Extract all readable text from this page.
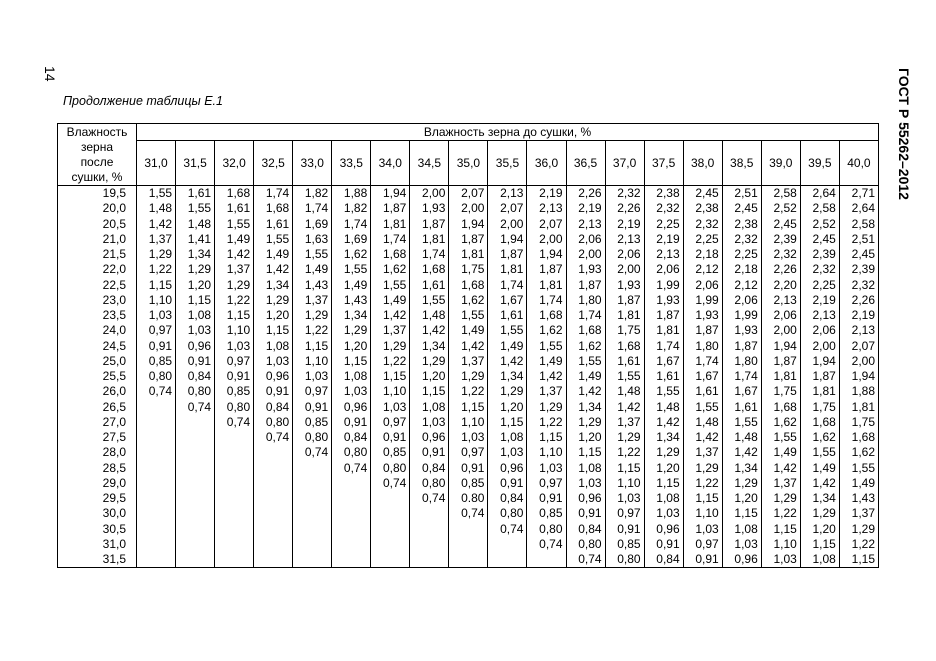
14	ГОСТ Р 55262–2012
Продолжение таблицы Е.1
Влажность
зерна
после
сушки, %	Влажность зерна до сушки, %																		
	31,0	31,5	32,0	32,5	33,0	33,5	34,0	34,5	35,0	35,5	36,0	36,5	37,0	37,5	38,0	38,5	39,0	39,5	40,0
19,5	1,55	1,61	1,68	1,74	1,82	1,88	1,94	2,00	2,07	2,13	2,19	2,26	2,32	2,38	2,45	2,51	2,58	2,64	2,71
20,0	1,48	1,55	1,61	1,68	1,74	1,82	1,87	1,93	2,00	2,07	2,13	2,19	2,26	2,32	2,38	2,45	2,52	2,58	2,64
20,5	1,42	1,48	1,55	1,61	1,69	1,74	1,81	1,87	1,94	2,00	2,07	2,13	2,19	2,25	2,32	2,38	2,45	2,52	2,58
21,0	1,37	1,41	1,49	1,55	1,63	1,69	1,74	1,81	1,87	1,94	2,00	2,06	2,13	2,19	2,25	2,32	2,39	2,45	2,51
21,5	1,29	1,34	1,42	1,49	1,55	1,62	1,68	1,74	1,81	1,87	1,94	2,00	2,06	2,13	2,18	2,25	2,32	2,39	2,45
22,0	1,22	1,29	1,37	1,42	1,49	1,55	1,62	1,68	1,75	1,81	1,87	1,93	2,00	2,06	2,12	2,18	2,26	2,32	2,39
22,5	1,15	1,20	1,29	1,34	1,43	1,49	1,55	1,61	1,68	1,74	1,81	1,87	1,93	1,99	2,06	2,12	2,20	2,25	2,32
23,0	1,10	1,15	1,22	1,29	1,37	1,43	1,49	1,55	1,62	1,67	1,74	1,80	1,87	1,93	1,99	2,06	2,13	2,19	2,26
23,5	1,03	1,08	1,15	1,20	1,29	1,34	1,42	1,48	1,55	1,61	1,68	1,74	1,81	1,87	1,93	1,99	2,06	2,13	2,19
24,0	0,97	1,03	1,10	1,15	1,22	1,29	1,37	1,42	1,49	1,55	1,62	1,68	1,75	1,81	1,87	1,93	2,00	2,06	2,13
24,5	0,91	0,96	1,03	1,08	1,15	1,20	1,29	1,34	1,42	1,49	1,55	1,62	1,68	1,74	1,80	1,87	1,94	2,00	2,07
25,0	0,85	0,91	0,97	1,03	1,10	1,15	1,22	1,29	1,37	1,42	1,49	1,55	1,61	1,67	1,74	1,80	1,87	1,94	2,00
25,5	0,80	0,84	0,91	0,96	1,03	1,08	1,15	1,20	1,29	1,34	1,42	1,49	1,55	1,61	1,67	1,74	1,81	1,87	1,94
26,0	0,74	0,80	0,85	0,91	0,97	1,03	1,10	1,15	1,22	1,29	1,37	1,42	1,48	1,55	1,61	1,67	1,75	1,81	1,88
26,5		0,74	0,80	0,84	0,91	0,96	1,03	1,08	1,15	1,20	1,29	1,34	1,42	1,48	1,55	1,61	1,68	1,75	1,81
27,0			0,74	0,80	0,85	0,91	0,97	1,03	1,10	1,15	1,22	1,29	1,37	1,42	1,48	1,55	1,62	1,68	1,75
27,5				0,74	0,80	0,84	0,91	0,96	1,03	1,08	1,15	1,20	1,29	1,34	1,42	1,48	1,55	1,62	1,68
28,0					0,74	0,80	0,85	0,91	0,97	1,03	1,10	1,15	1,22	1,29	1,37	1,42	1,49	1,55	1,62
28,5						0,74	0,80	0,84	0,91	0,96	1,03	1,08	1,15	1,20	1,29	1,34	1,42	1,49	1,55
29,0							0,74	0,80	0,85	0,91	0,97	1,03	1,10	1,15	1,22	1,29	1,37	1,42	1,49
29,5								0,74	0.80	0,84	0,91	0,96	1,03	1,08	1,15	1,20	1,29	1,34	1,43
30,0									0,74	0,80	0,85	0,91	0,97	1,03	1,10	1,15	1,22	1,29	1,37
30,5										0,74	0,80	0,84	0,91	0,96	1,03	1,08	1,15	1,20	1,29
31,0											0,74	0,80	0,85	0,91	0,97	1,03	1,10	1,15	1,22
31,5												0,74	0,80	0,84	0,91	0,96	1,03	1,08	1,15
